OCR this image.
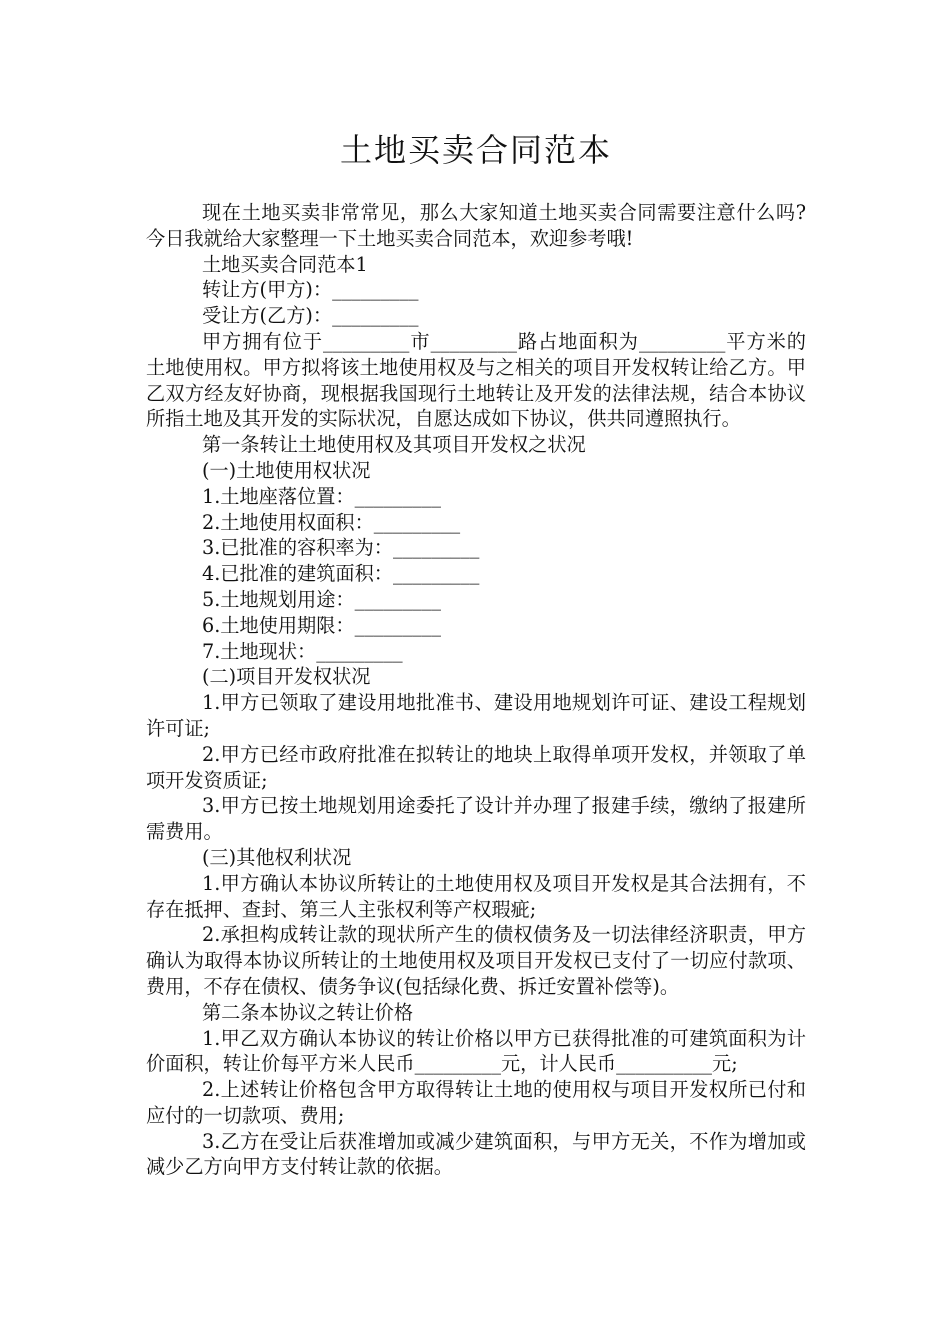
土地买卖合同范本

现在土地买卖非常常见，那么大家知道土地买卖合同需要注意什么吗?今日我就给大家整理一下土地买卖合同范本，欢迎参考哦!

土地买卖合同范本1

转让方(甲方)：_________

受让方(乙方)：_________

甲方拥有位于_________市_________路占地面积为_________平方米的土地使用权。甲方拟将该土地使用权及与之相关的项目开发权转让给乙方。甲乙双方经友好协商，现根据我国现行土地转让及开发的法律法规，结合本协议所指土地及其开发的实际状况，自愿达成如下协议，供共同遵照执行。

第一条转让土地使用权及其项目开发权之状况

(一)土地使用权状况

1.土地座落位置：_________

2.土地使用权面积：_________

3.已批准的容积率为：_________

4.已批准的建筑面积：_________

5.土地规划用途：_________

6.土地使用期限：_________

7.土地现状：_________

(二)项目开发权状况

1.甲方已领取了建设用地批准书、建设用地规划许可证、建设工程规划许可证;

2.甲方已经市政府批准在拟转让的地块上取得单项开发权，并领取了单项开发资质证;

3.甲方已按土地规划用途委托了设计并办理了报建手续，缴纳了报建所需费用。

(三)其他权利状况

1.甲方确认本协议所转让的土地使用权及项目开发权是其合法拥有，不存在抵押、查封、第三人主张权利等产权瑕疵;

2.承担构成转让款的现状所产生的债权债务及一切法律经济职责，甲方确认为取得本协议所转让的土地使用权及项目开发权已支付了一切应付款项、费用，不存在债权、债务争议(包括绿化费、拆迁安置补偿等)。

第二条本协议之转让价格

1.甲乙双方确认本协议的转让价格以甲方已获得批准的可建筑面积为计价面积，转让价每平方米人民币_________元，计人民币__________元;

2.上述转让价格包含甲方取得转让土地的使用权与项目开发权所已付和应付的一切款项、费用;

3.乙方在受让后获准增加或减少建筑面积，与甲方无关，不作为增加或减少乙方向甲方支付转让款的依据。
